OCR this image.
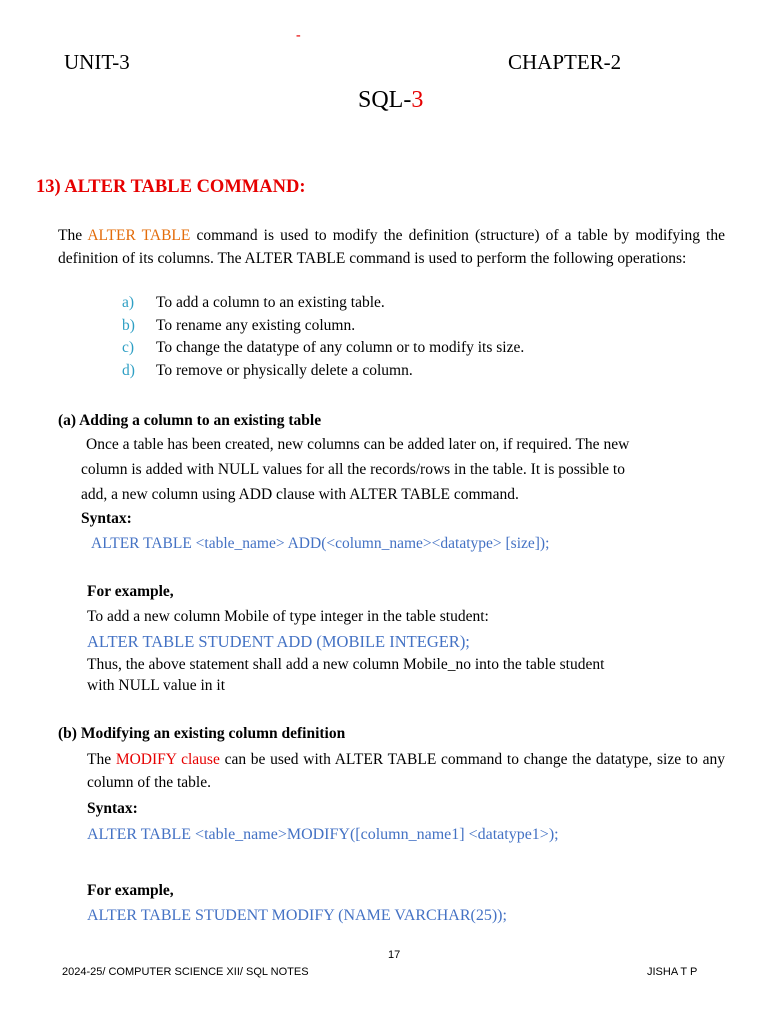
-
UNIT-3	CHAPTER-2
SQL-3
13) ALTER TABLE COMMAND:
The ALTER TABLE command is used to modify the definition (structure) of a table by modifying the definition of its columns. The ALTER TABLE command is used to perform the following operations:
a) To add a column to an existing table.
b) To rename any existing column.
c) To change the datatype of any column or to modify its size.
d) To remove or physically delete a column.
(a) Adding a column to an existing table
Once a table has been created, new columns can be added later on, if required. The new
column is added with NULL values for all the records/rows in the table. It is possible to
add, a new column using ADD clause with ALTER TABLE command.
Syntax:
ALTER TABLE <table_name> ADD(<column_name><datatype> [size]);
For example,
To add a new column Mobile of type integer in the table student:
ALTER TABLE STUDENT ADD (MOBILE INTEGER);
Thus, the above statement shall add a new column Mobile_no into the table student
with NULL value in it
(b) Modifying an existing column definition
The MODIFY clause can be used with ALTER TABLE command to change the datatype, size to any column of the table.
Syntax:
ALTER TABLE <table_name>MODIFY([column_name1] <datatype1>);
For example,
ALTER TABLE STUDENT MODIFY (NAME VARCHAR(25));
17
2024-25/ COMPUTER SCIENCE XII/ SQL NOTES	JISHA T P
